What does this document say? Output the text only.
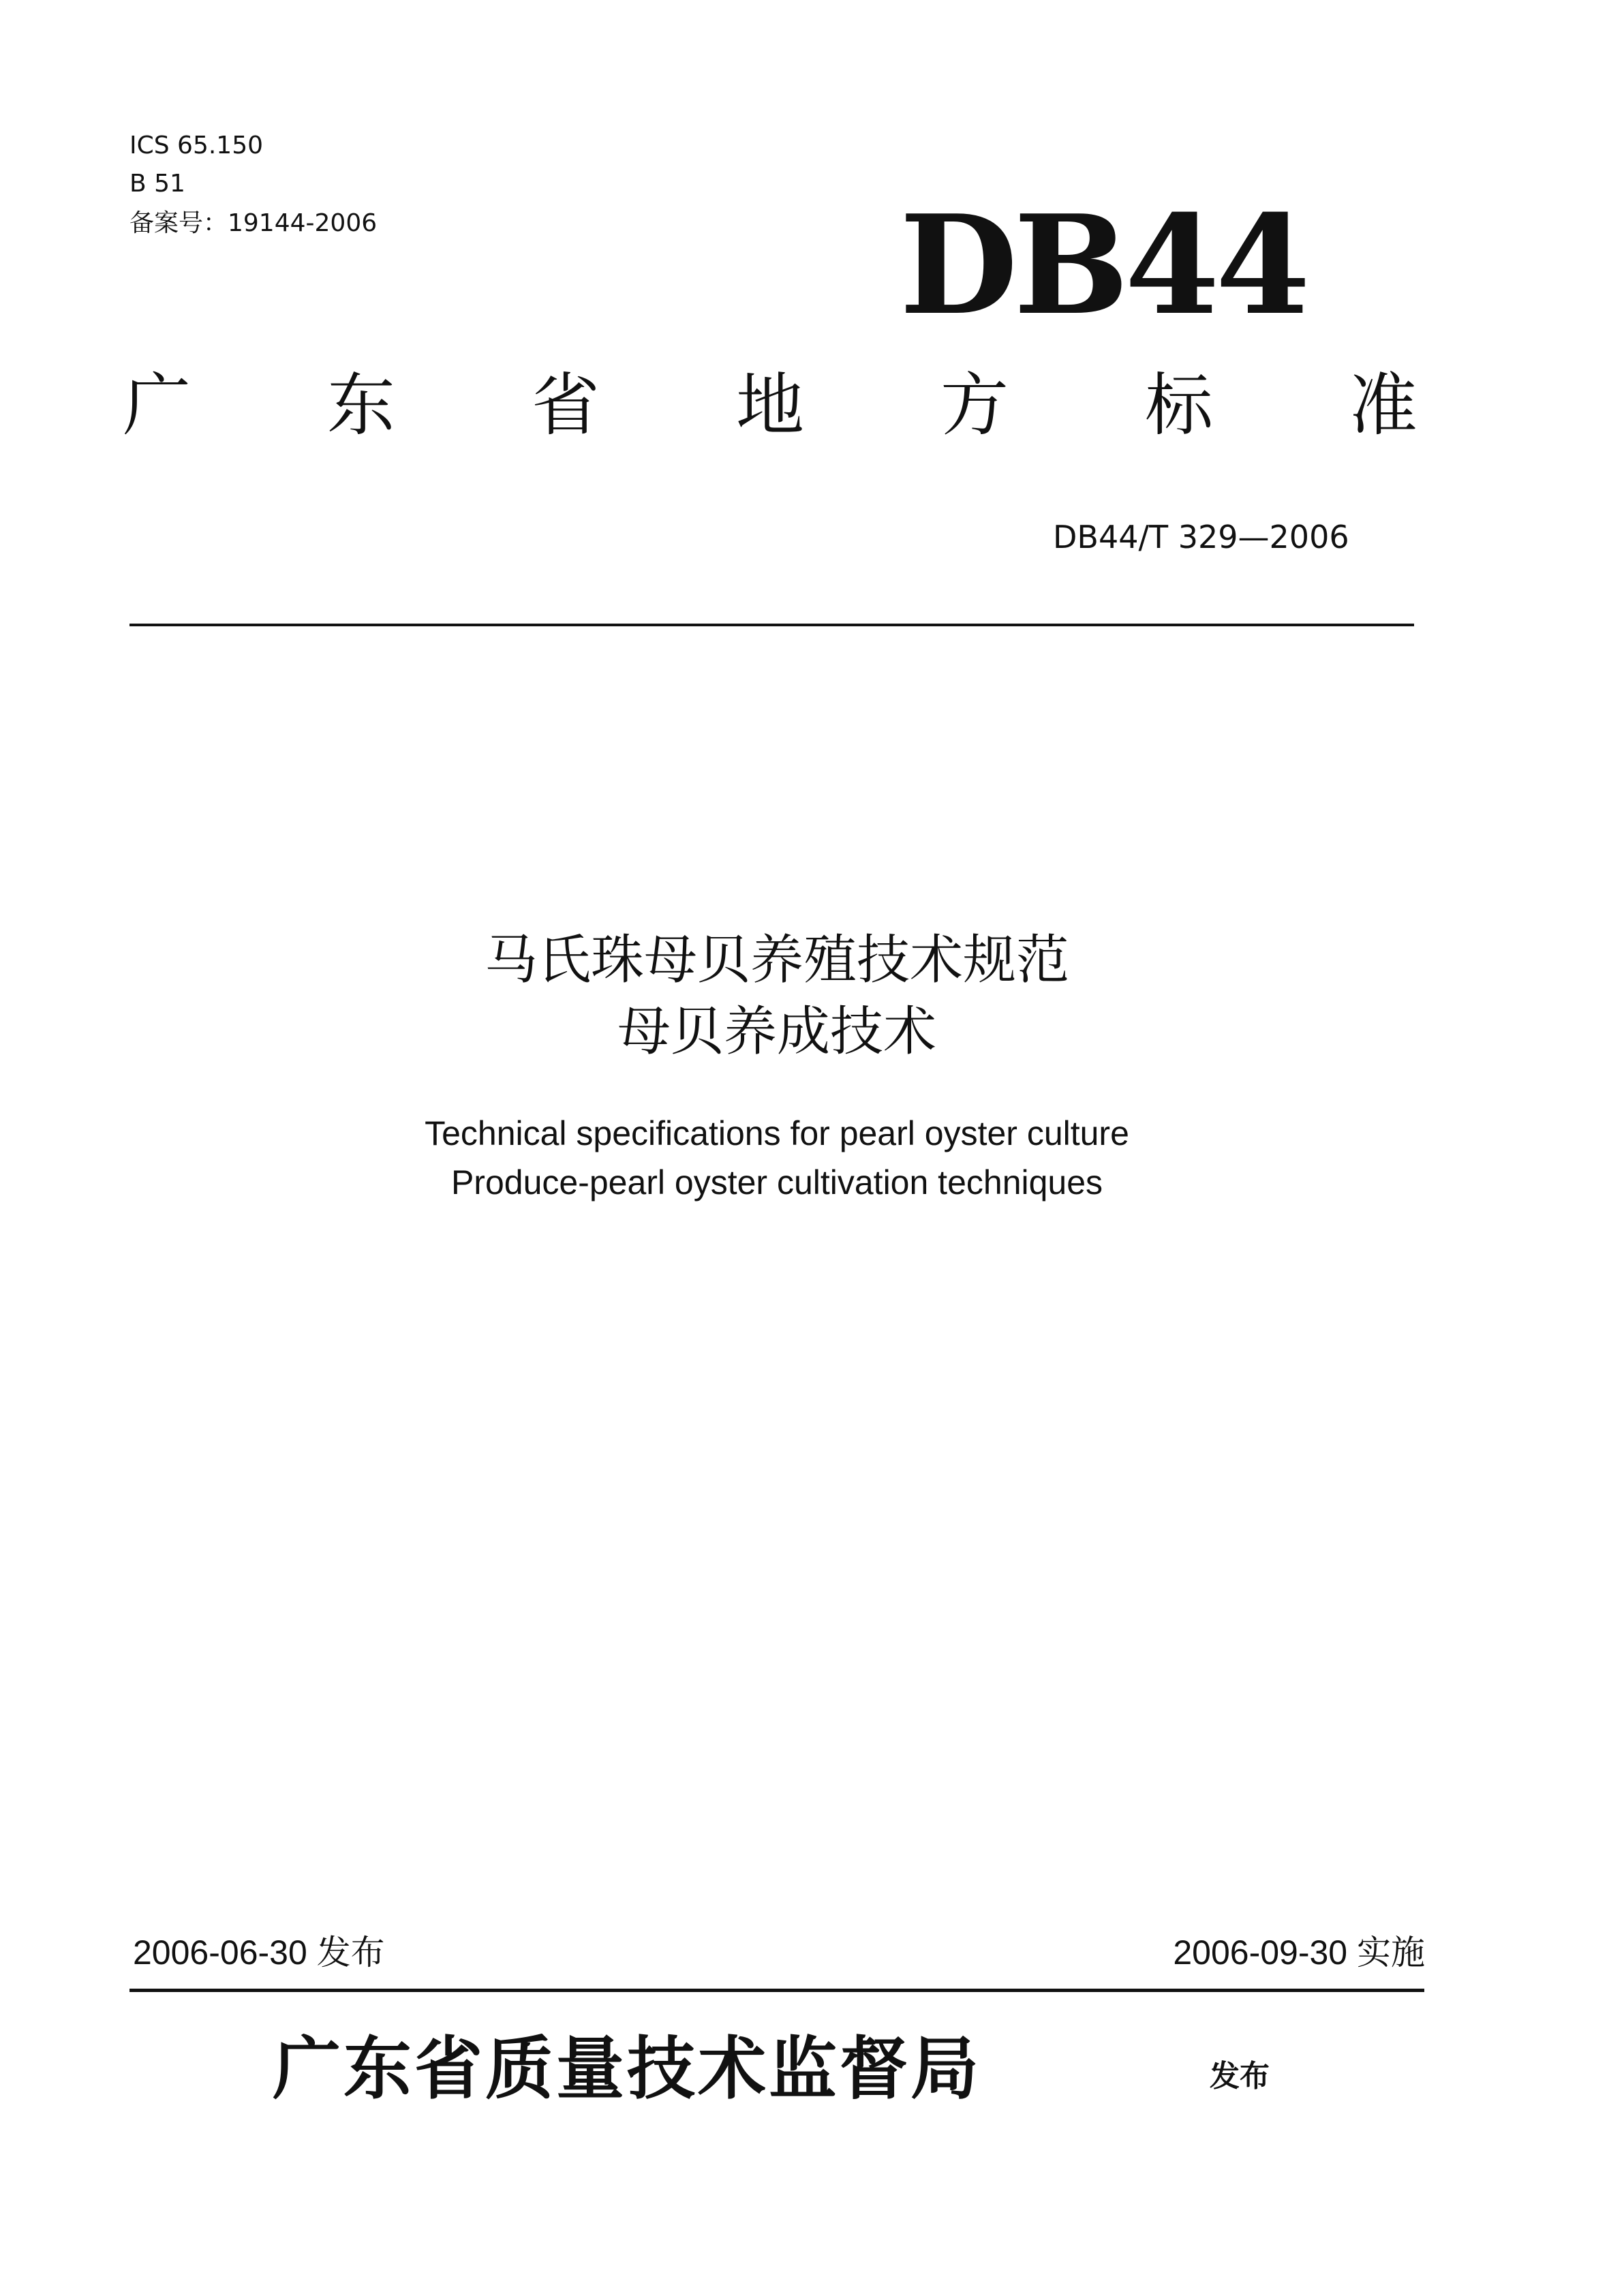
ICS 65.150
B 51
备案号：19144-2006	DB44
广 东 省 地 方 标 准
DB44/T 329—2006
马氏珠母贝养殖技术规范
母贝养成技术
Technical specifications for pearl oyster culture
Produce-pearl oyster cultivation techniques
2006-06-30 发布	2006-09-30 实施
广东省质量技术监督局	发布
